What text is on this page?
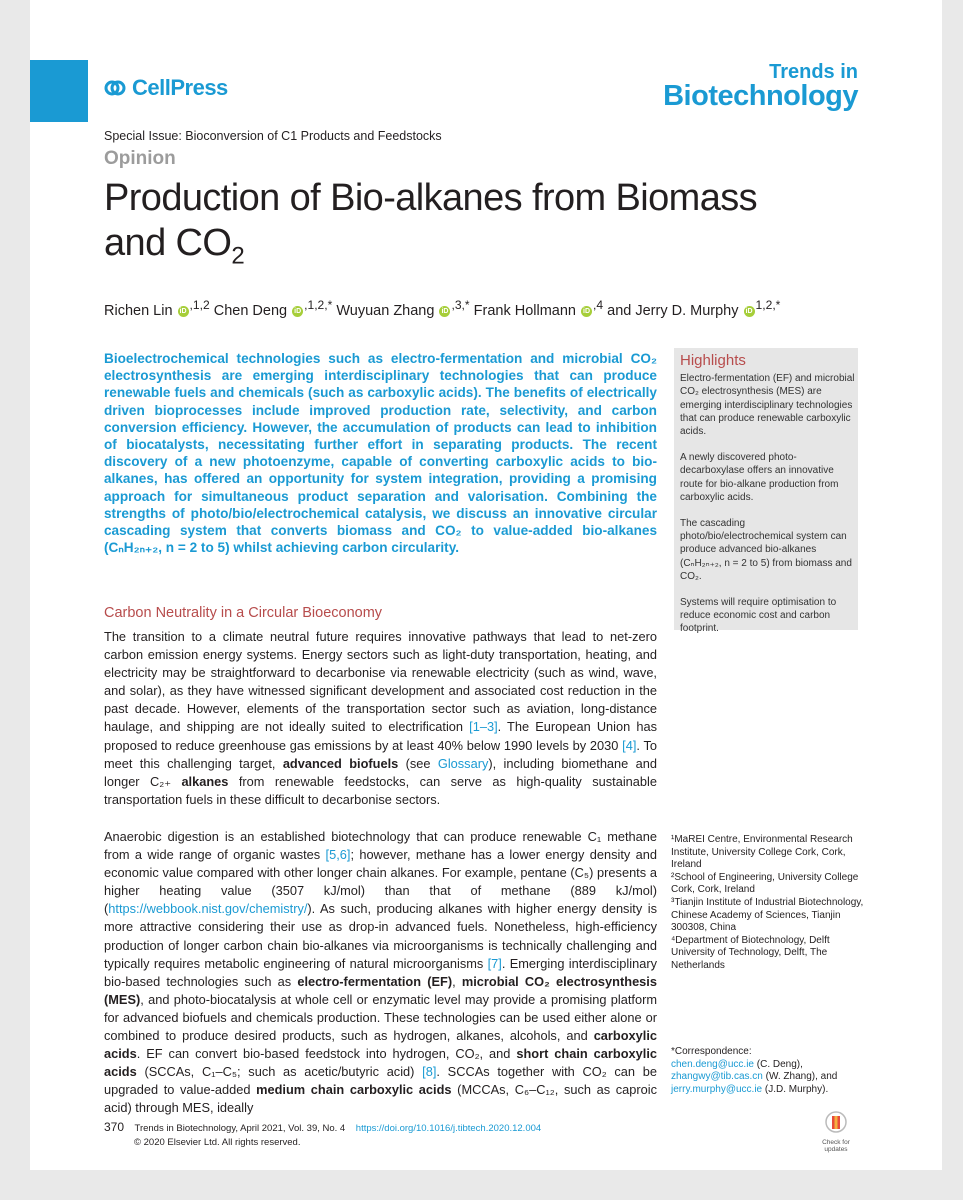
CellPress
Trends in
Biotechnology
Special Issue: Bioconversion of C1 Products and Feedstocks
Opinion
Production of Bio-alkanes from Biomass and $CO_2$
Richen Lin iD $^{,1,2}$ Chen Deng iD $^{,1,2,*}$ Wuyuan Zhang iD $^{,3,*}$ Frank Hollmann iD $^{,4}$ and Jerry D. Murphy iD $^{1,2,*}$

Bioelectrochemical technologies such as electro-fermentation and microbial CO₂ electrosynthesis are emerging interdisciplinary technologies that can produce renewable fuels and chemicals (such as carboxylic acids). The benefits of electrically driven bioprocesses include improved production rate, selectivity, and carbon conversion efficiency. However, the accumulation of products can lead to inhibition of biocatalysts, necessitating further effort in separating products. The recent discovery of a new photoenzyme, capable of converting carboxylic acids to bio-alkanes, has offered an opportunity for system integration, providing a promising approach for simultaneous product separation and valorisation. Combining the strengths of photo/bio/electrochemical catalysis, we discuss an innovative circular cascading system that converts biomass and CO₂ to value-added bio-alkanes (CₙH₂ₙ₊₂, n = 2 to 5) whilst achieving carbon circularity.

Highlights

Electro-fermentation (EF) and microbial CO₂ electrosynthesis (MES) are emerging interdisciplinary technologies that can produce renewable carboxylic acids.

A newly discovered photo-decarboxylase offers an innovative route for bio-alkane production from carboxylic acids.

The cascading photo/bio/electrochemical system can produce advanced bio-alkanes (CₙH₂ₙ₊₂, n = 2 to 5) from biomass and CO₂.

Systems will require optimisation to reduce economic cost and carbon footprint.

Carbon Neutrality in a Circular Bioeconomy

The transition to a climate neutral future requires innovative pathways that lead to net-zero carbon emission energy systems. Energy sectors such as light-duty transportation, heating, and electricity may be straightforward to decarbonise via renewable electricity (such as wind, wave, and solar), as they have witnessed significant development and associated cost reduction in the past decade. However, elements of the transportation sector such as aviation, long-distance haulage, and shipping are not ideally suited to electrification [1–3]. The European Union has proposed to reduce greenhouse gas emissions by at least 40% below 1990 levels by 2030 [4]. To meet this challenging target, advanced biofuels (see Glossary), including biomethane and longer C₂₊ alkanes from renewable feedstocks, can serve as high-quality sustainable transportation fuels in these difficult to decarbonise sectors.

Anaerobic digestion is an established biotechnology that can produce renewable C₁ methane from a wide range of organic wastes [5,6]; however, methane has a lower energy density and economic value compared with other longer chain alkanes. For example, pentane (C₅) presents a higher heating value (3507 kJ/mol) than that of methane (889 kJ/mol) (https://webbook.nist.gov/chemistry/). As such, producing alkanes with higher energy density is more attractive considering their use as drop-in advanced fuels. Nonetheless, high-efficiency production of longer carbon chain bio-alkanes via microorganisms is technically challenging and typically requires metabolic engineering of natural microorganisms [7]. Emerging interdisciplinary bio-based technologies such as electro-fermentation (EF), microbial CO₂ electrosynthesis (MES), and photo-biocatalysis at whole cell or enzymatic level may provide a promising platform for advanced biofuels and chemicals production. These technologies can be used either alone or combined to produce desired products, such as hydrogen, alkanes, alcohols, and carboxylic acids. EF can convert bio-based feedstock into hydrogen, CO₂, and short chain carboxylic acids (SCCAs, C₁–C₅; such as acetic/butyric acid) [8]. SCCAs together with CO₂ can be upgraded to value-added medium chain carboxylic acids (MCCAs, C₆–C₁₂, such as caproic acid) through MES, ideally

¹MaREI Centre, Environmental Research Institute, University College Cork, Cork, Ireland

²School of Engineering, University College Cork, Cork, Ireland

³Tianjin Institute of Industrial Biotechnology, Chinese Academy of Sciences, Tianjin 300308, China

⁴Department of Biotechnology, Delft University of Technology, Delft, The Netherlands

*Correspondence:
chen.deng@ucc.ie (C. Deng),
zhangwy@tib.cas.cn (W. Zhang), and
jerry.murphy@ucc.ie (J.D. Murphy).
370 Trends in Biotechnology, April 2021, Vol. 39, No. 4 https://doi.org/10.1016/j.tibtech.2020.12.004
© 2020 Elsevier Ltd. All rights reserved.	Check for updates
